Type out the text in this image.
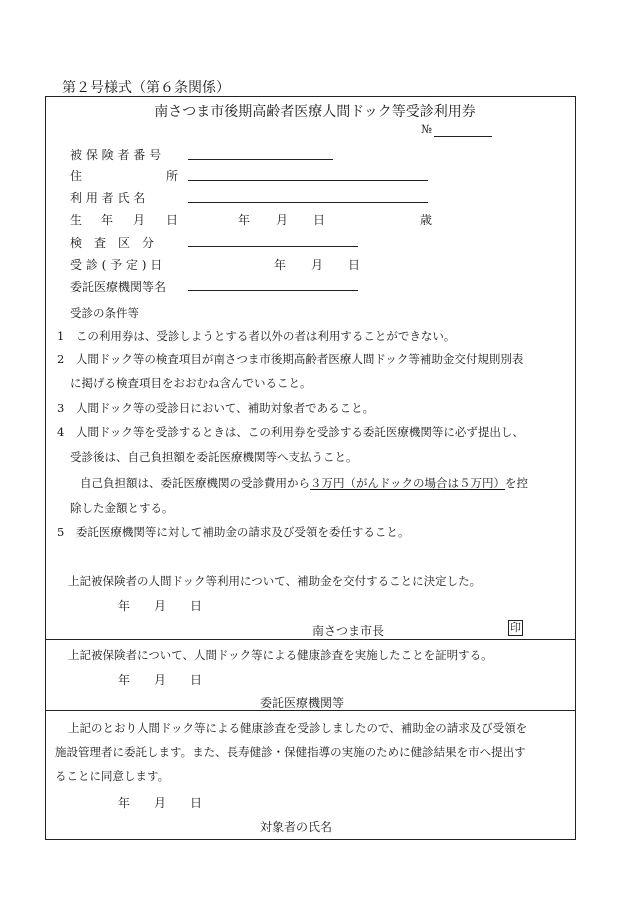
第２号様式（第６条関係）
南さつま市後期高齢者医療人間ドック等受診利用券
№
被 保 険 者 番 号
住	所
利 用 者 氏 名
生 年 月 日	年 月 日	歳
検　査　区　分
受 診 ( 予 定 ) 日	年 月 日
委託医療機関等名
受診の条件等
1　この利用券は、受診しようとする者以外の者は利用することができない。
2　人間ドック等の検査項目が南さつま市後期高齢者医療人間ドック等補助金交付規則別表
に掲げる検査項目をおおむね含んでいること。
3　人間ドック等の受診日において、補助対象者であること。
4　人間ドック等を受診するときは、この利用券を受診する委託医療機関等に必ず提出し、
受診後は、自己負担額を委託医療機関等へ支払うこと。
自己負担額は、委託医療機関の受診費用から３万円（がんドックの場合は５万円）を控
除した金額とする。
5　委託医療機関等に対して補助金の請求及び受領を委任すること。
上記被保険者の人間ドック等利用について、補助金を交付することに決定した。
年 月 日
南さつま市長	印
上記被保険者について、人間ドック等による健康診査を実施したことを証明する。
年 月 日
委託医療機関等
上記のとおり人間ドック等による健康診査を受診しましたので、補助金の請求及び受領を
施設管理者に委託します。また、長寿健診・保健指導の実施のために健診結果を市へ提出す
ることに同意します。
年 月 日
対象者の氏名
